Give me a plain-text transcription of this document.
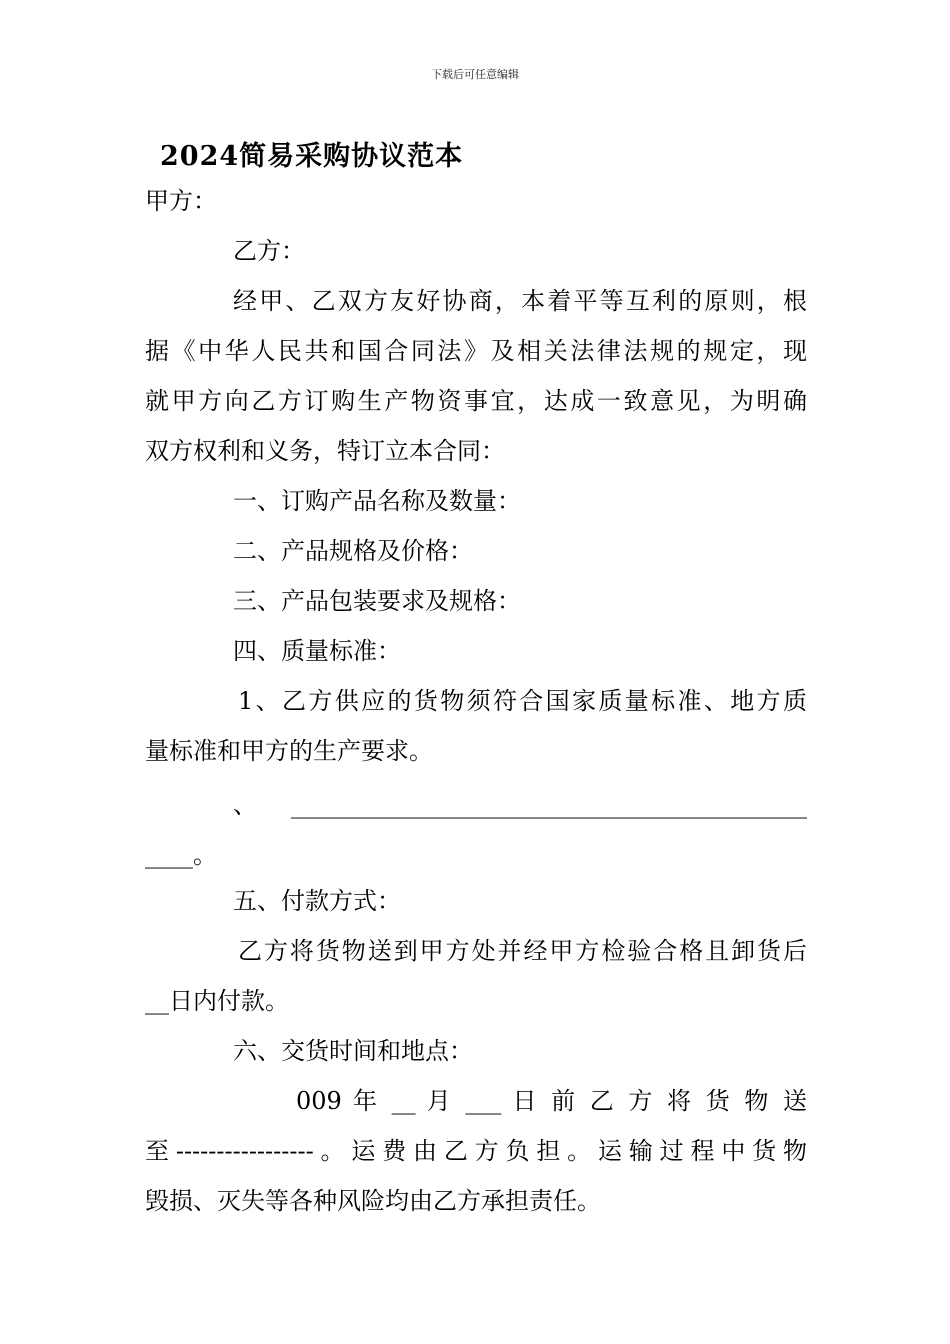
下载后可任意编辑
2024简易采购协议范本
甲方：
乙方：
经甲、乙双方友好协商，本着平等互利的原则，根
据《中华人民共和国合同法》及相关法律法规的规定，现
就甲方向乙方订购生产物资事宜，达成一致意见，为明确
双方权利和义务，特订立本合同：
一、订购产品名称及数量：
二、产品规格及价格：
三、产品包装要求及规格：
四、质量标准：
1、乙方供应的货物须符合国家质量标准、地方质
量标准和甲方的生产要求。
、___________________________________________
____。
五、付款方式：
乙方将货物送到甲方处并经甲方检验合格且卸货后
__日内付款。
六、交货时间和地点：
009 年 __ 月 ___ 日 前 乙 方 将 货 物 送
至-----------------。运费由乙方负担。运输过程中货物
毁损、灭失等各种风险均由乙方承担责任。
